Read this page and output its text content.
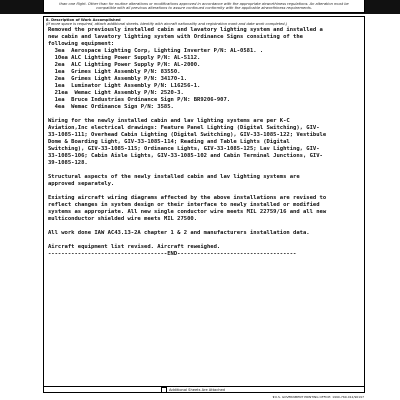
than one flight. Other than for routine alterations or modifications approved in accordance with the appropriate airworthiness regulations. An alteration must be
compatible with all previous alterations to assure continued conformity with the applicable airworthiness requirements.
8. Description of Work Accomplished
(If more space is required, attach additional sheets. Identify with aircraft nationality and registration mark and date work completed.)
Removed the previously installed cabin and lavatory lighting system and installed a
new cabin and lavatory lighting system with Ordinance Signs consisting of the
following equipment:
3ea  Aerospace Lighting Corp, Lighting Inverter P/N: AL-0581. .
10ea ALC Lighting Power Supply P/N: AL-5112.
2ea  ALC Lighting Power Supply P/N: AL-2000.
1ea  Grimes Light Assembly P/N: 83550.
2ea  Grimes Light Assembly P/N: 34170-1.
1ea  Luminator Light Assembly P/N: L16256-1.
21ea  Wemac Light Assembly P/N: 2520-3.
1ea  Bruce Industries Ordinance Sign P/N: BR9206-907.
4ea  Wemac Ordinance Sign P/N: 3585.
Wiring for the newly installed cabin and lav lighting systems are per K-C
Aviation,Inc electrical drawings: Feature Panel Lighting (Digital Switching), GIV-
33-1085-111; Overhead Cabin Lighting (Digital Switching), GIV-33-1085-122; Vestibule
Dome & Boarding Light, GIV-33-1085-114; Reading and Table Lights (Digital
Switching), GIV-33-1085-115; Ordinance Lights, GIV-33-1085-125; Lav Lighting, GIV-
33-1085-106; Cabin Aisle Lights, GIV-33-1085-102 and Cabin Terminal Junctions, GIV-
39-1085-128.
Structural aspects of the newly installed cabin and lav lighting systems are
approved separately.
Existing aircraft wiring diagrams affected by the above installations are revised to
reflect changes in system design or their interface to newly installed or modified
systems as appropriate. All new single conductor wire meets MIL 22759/16 and all new
multiconductor shielded wire meets MIL 27500.
All work done IAW AC43.13-2A chapter 1 & 2 and manufacturers installation data.
Aircraft equipment list revised. Aircraft reweighed.
------------------------------------END------------------------------------
Additional Sheets Are Attached
★U.S. GOVERNMENT PRINTING OFFICE: 1990-769-012/90197
